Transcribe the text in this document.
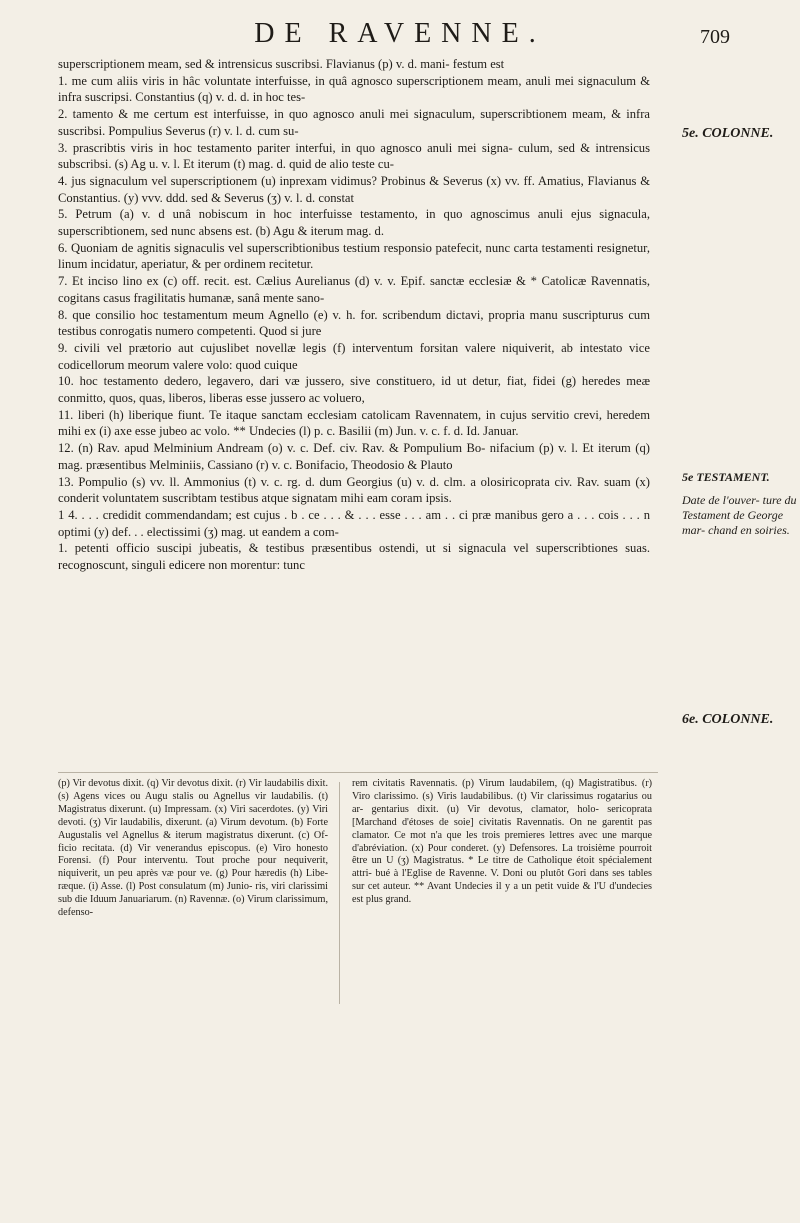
DE RAVENNE.	709

superscriptionem meam, sed & intrensicus suscribsi. Flavianus (p) v. d. mani- festum est

1. me cum aliis viris in hâc voluntate interfuisse, in quâ agnosco superscriptionem meam, anuli mei signaculum & infra suscripsi. Constantius (q) v. d. d. in hoc tes-

2. tamento & me certum est interfuisse, in quo agnosco anuli mei signaculum, superscribtionem meam, & infra suscribsi. Pompulius Severus (r) v. l. d. cum su-

3. prascribtis viris in hoc testamento pariter interfui, in quo agnosco anuli mei signa- culum, sed & intrensicus subscribsi. (s) Ag u. v. l. Et iterum (t) mag. d. quid de alio teste cu-

4. jus signaculum vel superscriptionem (u) inprexam vidimus? Probinus & Severus (x) vv. ff. Amatius, Flavianus & Constantius. (y) vvv. ddd. sed & Severus (ʒ) v. l. d. constat

5. Petrum (a) v. d unâ nobiscum in hoc interfuisse testamento, in quo agnoscimus anuli ejus signacula, superscribtionem, sed nunc absens est. (b) Agu & iterum mag. d.

6. Quoniam de agnitis signaculis vel superscribtionibus testium responsio patefecit, nunc carta testamenti resignetur, linum incidatur, aperiatur, & per ordinem recitetur.

7. Et inciso lino ex (c) off. recit. est. Cælius Aurelianus (d) v. v. Epif. sanctæ ecclesiæ & * Catolicæ Ravennatis, cogitans casus fragilitatis humanæ, sanâ mente sano-

8. que consilio hoc testamentum meum Agnello (e) v. h. for. scribendum dictavi, propria manu suscripturus cum testibus conrogatis numero competenti. Quod si jure

9. civili vel prætorio aut cujuslibet novellæ legis (f) interventum forsitan valere niquiverit, ab intestato vice codicellorum meorum valere volo: quod cuique

10. hoc testamento dedero, legavero, dari væ jussero, sive constituero, id ut detur, fiat, fidei (g) heredes meæ conmitto, quos, quas, liberos, liberas esse jussero ac voluero,

11. liberi (h) liberique fiunt. Te itaque sanctam ecclesiam catolicam Ravennatem, in cujus servitio crevi, heredem mihi ex (i) axe esse jubeo ac volo. ** Undecies (l) p. c. Basilii (m) Jun. v. c. f. d. Id. Januar.

12. (n) Rav. apud Melminium Andream (o) v. c. Def. civ. Rav. & Pompulium Bo- nifacium (p) v. l. Et iterum (q) mag. præsentibus Melminiis, Cassiano (r) v. c. Bonifacio, Theodosio & Plauto

13. Pompulio (s) vv. ll. Ammonius (t) v. c. rg. d. dum Georgius (u) v. d. clm. a olosiricoprata civ. Rav. suam (x) conderit voluntatem suscribtam testibus atque signatam mihi eam coram ipsis.

1 4. . . . credidit commendandam; est cujus . b . ce . . . & . . . esse . . . am . . ci præ manibus gero a . . . cois . . . n optimi (y) def. . . electissimi (ʒ) mag. ut eandem a com-

1. petenti officio suscipi jubeatis, & testibus præsentibus ostendi, ut si signacula vel superscribtiones suas. recognoscunt, singuli edicere non morentur: tunc

5e. COLONNE.
5e TESTAMENT.
Date de l'ouver- ture du Testament de George mar- chand en soiries.
6e. COLONNE.

(p) Vir devotus dixit. (q) Vir devotus dixit. (r) Vir laudabilis dixit. (s) Agens vices ou Augu stalis ou Agnellus vir laudabilis. (t) Magistratus dixerunt. (u) Impressam. (x) Viri sacerdotes. (y) Viri devoti. (ʒ) Vir laudabilis, dixerunt. (a) Virum devotum. (b) Forte Augustalis vel Agnellus & iterum magistratus dixerunt. (c) Of- ficio recitata. (d) Vir venerandus episcopus. (e) Viro honesto Forensi. (f) Pour interventu. Tout proche pour nequiverit, niquiverit, un peu après væ pour ve. (g) Pour hæredis (h) Libe- ræque. (i) Asse. (l) Post consulatum (m) Junio- ris, viri clarissimi sub die Iduum Januariarum. (n) Ravennæ. (o) Virum clarissimum, defenso-

rem civitatis Ravennatis. (p) Virum laudabilem, (q) Magistratibus. (r) Viro clarissimo. (s) Viris laudabilibus. (t) Vir clarissimus rogatarius ou ar- gentarius dixit. (u) Vir devotus, clamator, holo- sericoprata [Marchand d'étoses de soie] civitatis Ravennatis. On ne garentit pas clamator. Ce mot n'a que les trois premieres lettres avec une marque d'abréviation. (x) Pour conderet. (y) Defensores. La troisième pourroit être un U (ʒ) Magistratus. * Le titre de Catholique étoit spécialement attri- bué à l'Eglise de Ravenne. V. Doni ou plutôt Gori dans ses tables sur cet auteur. ** Avant Undecies il y a un petit vuide & l'U d'undecies est plus grand.
